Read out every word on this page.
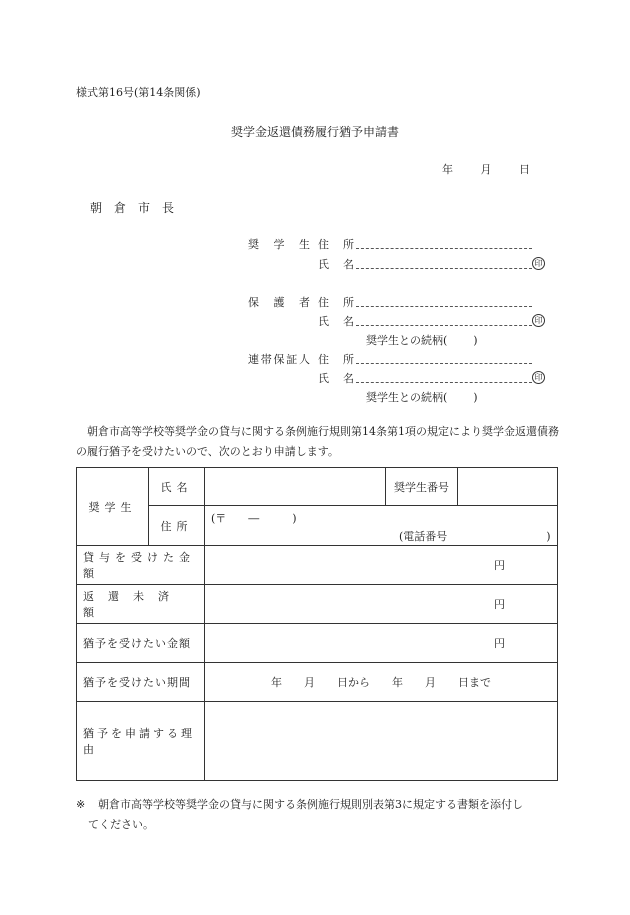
様式第16号(第14条関係)
奨学金返還債務履行猶予申請書
年	月	日
朝倉市長
奨学生 住所
氏名	印
保護者 住所
氏名	印
奨学生との続柄( )
連帯保証人 住所
氏名	印
奨学生との続柄( )
朝倉市高等学校等奨学金の貸与に関する条例施行規則第14条第1項の規定により奨学金返還債務の履行猶予を受けたいので、次のとおり申請します。
奨学生	氏名		奨学生番号	
	住所	(〒　　―　　　)
(電話番号　　　　　　　　　)		

貸与を受けた金額		円		
返還未済額		円		
猶予を受けたい金額		円		
猶予を受けたい期間		年　　月　　日から　　年　　月　　日まで		
猶予を申請する理由				
※ 朝倉市高等学校等奨学金の貸与に関する条例施行規則別表第3に規定する書類を添付し
てください。
